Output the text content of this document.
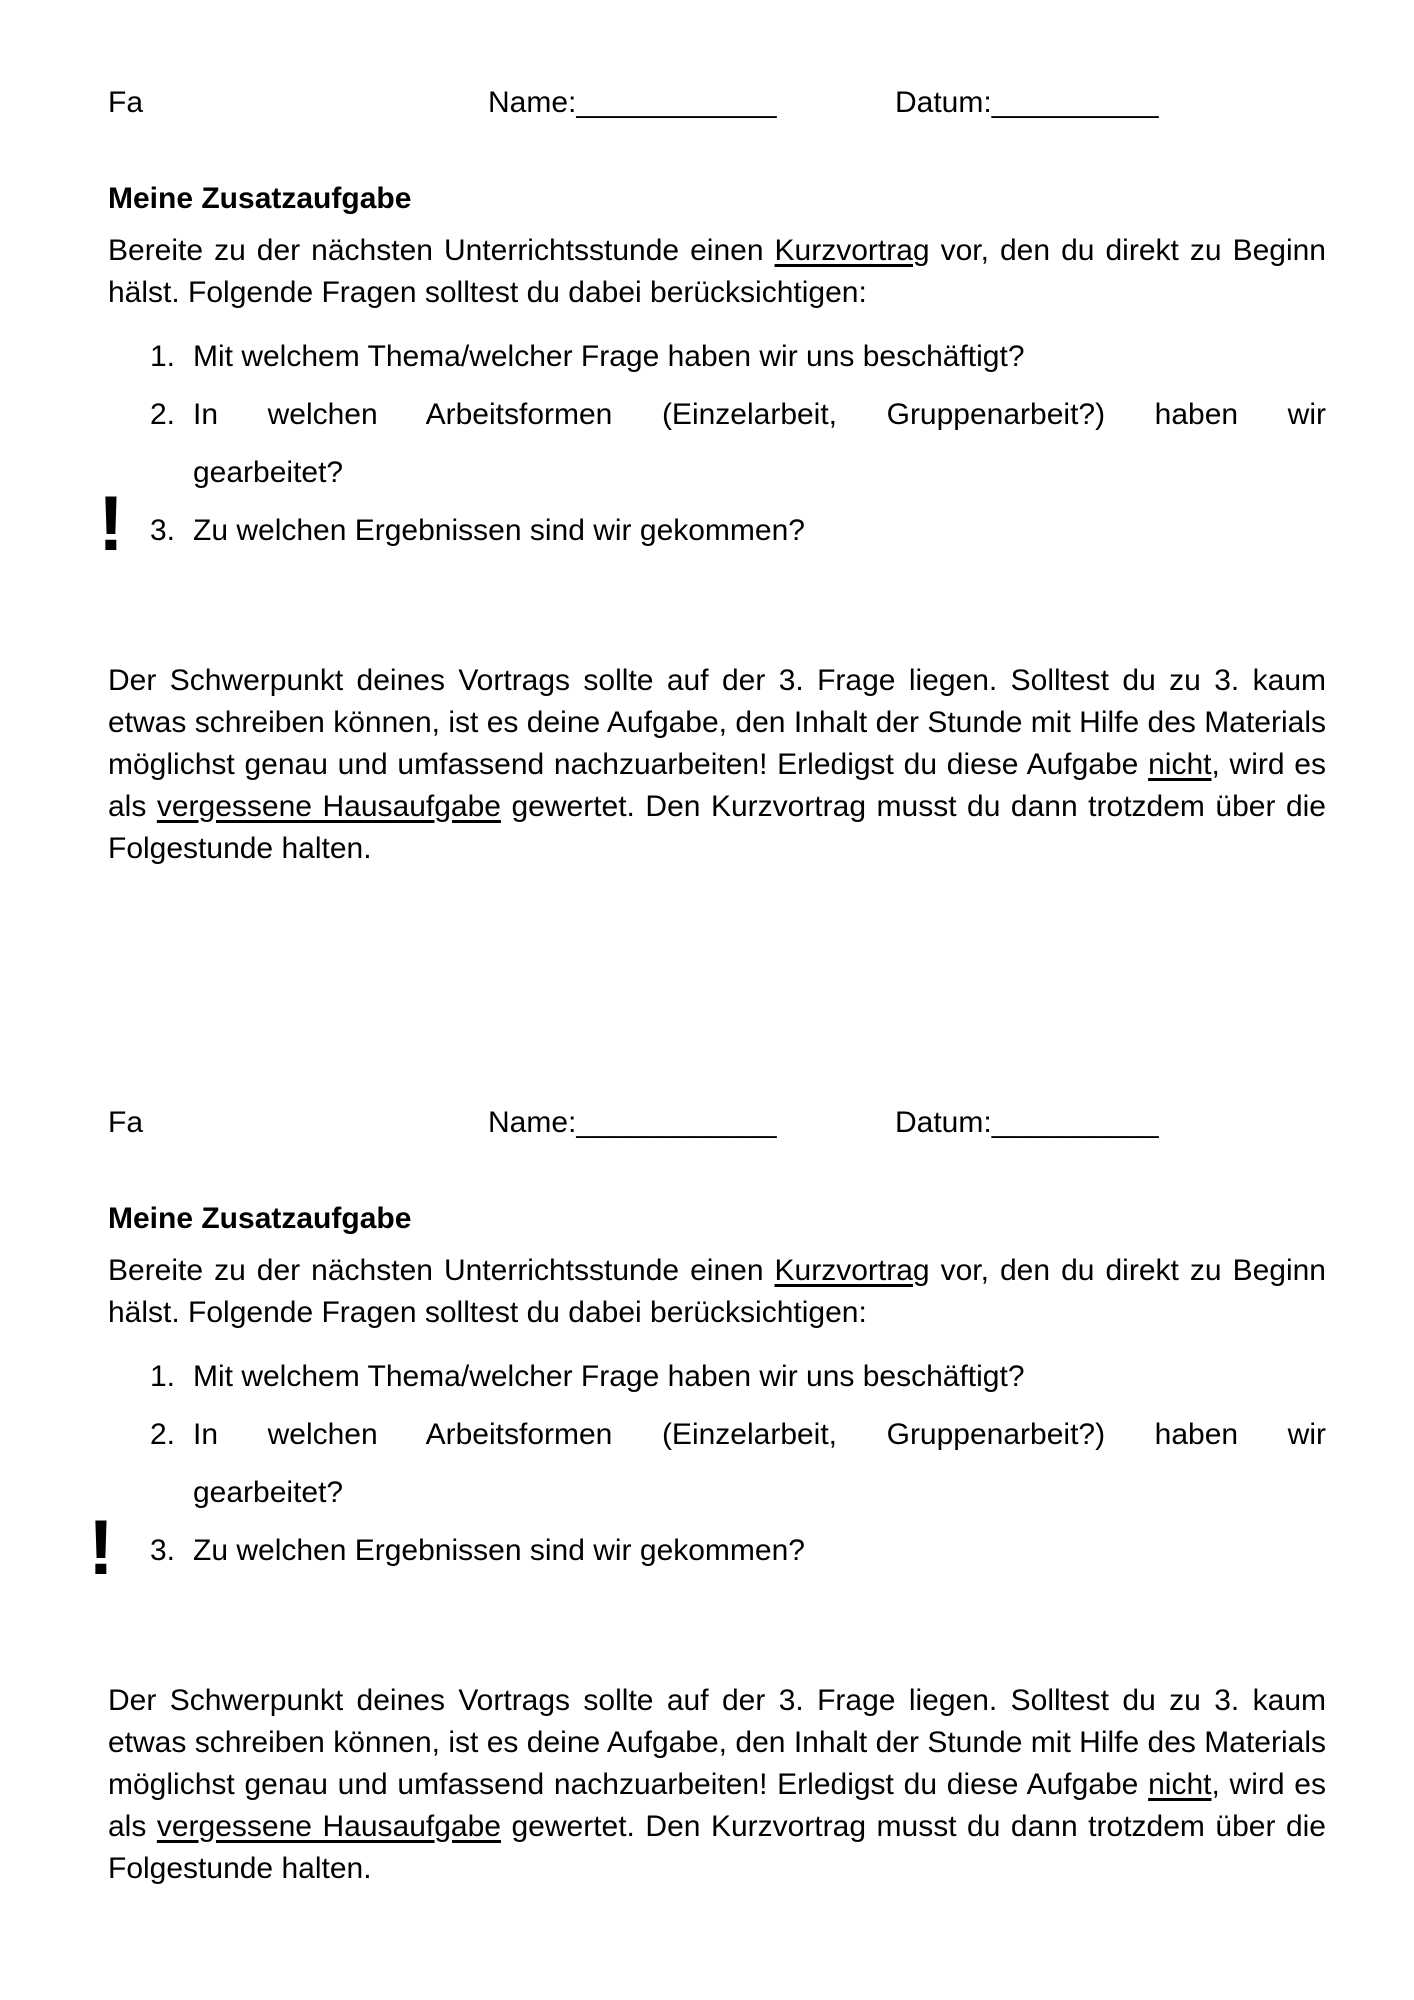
Fa	Name:____________	Datum:__________
Meine Zusatzaufgabe
Bereite zu der nächsten Unterrichtsstunde einen Kurzvortrag vor, den du direkt zu Beginn hälst. Folgende Fragen solltest du dabei berücksichtigen:
1. Mit welchem Thema/welcher Frage haben wir uns beschäftigt?
2. In welchen Arbeitsformen (Einzelarbeit, Gruppenarbeit?) haben wir
gearbeitet?
! 3. Zu welchen Ergebnissen sind wir gekommen?
Der Schwerpunkt deines Vortrags sollte auf der 3. Frage liegen. Solltest du zu 3. kaum etwas schreiben können, ist es deine Aufgabe, den Inhalt der Stunde mit Hilfe des Materials möglichst genau und umfassend nachzuarbeiten! Erledigst du diese Aufgabe nicht, wird es als vergessene Hausaufgabe gewertet. Den Kurzvortrag musst du dann trotzdem über die Folgestunde halten.
Fa	Name:____________	Datum:__________
Meine Zusatzaufgabe
Bereite zu der nächsten Unterrichtsstunde einen Kurzvortrag vor, den du direkt zu Beginn hälst. Folgende Fragen solltest du dabei berücksichtigen:
1. Mit welchem Thema/welcher Frage haben wir uns beschäftigt?
2. In welchen Arbeitsformen (Einzelarbeit, Gruppenarbeit?) haben wir
gearbeitet?
! 3. Zu welchen Ergebnissen sind wir gekommen?
Der Schwerpunkt deines Vortrags sollte auf der 3. Frage liegen. Solltest du zu 3. kaum etwas schreiben können, ist es deine Aufgabe, den Inhalt der Stunde mit Hilfe des Materials möglichst genau und umfassend nachzuarbeiten! Erledigst du diese Aufgabe nicht, wird es als vergessene Hausaufgabe gewertet. Den Kurzvortrag musst du dann trotzdem über die Folgestunde halten.
